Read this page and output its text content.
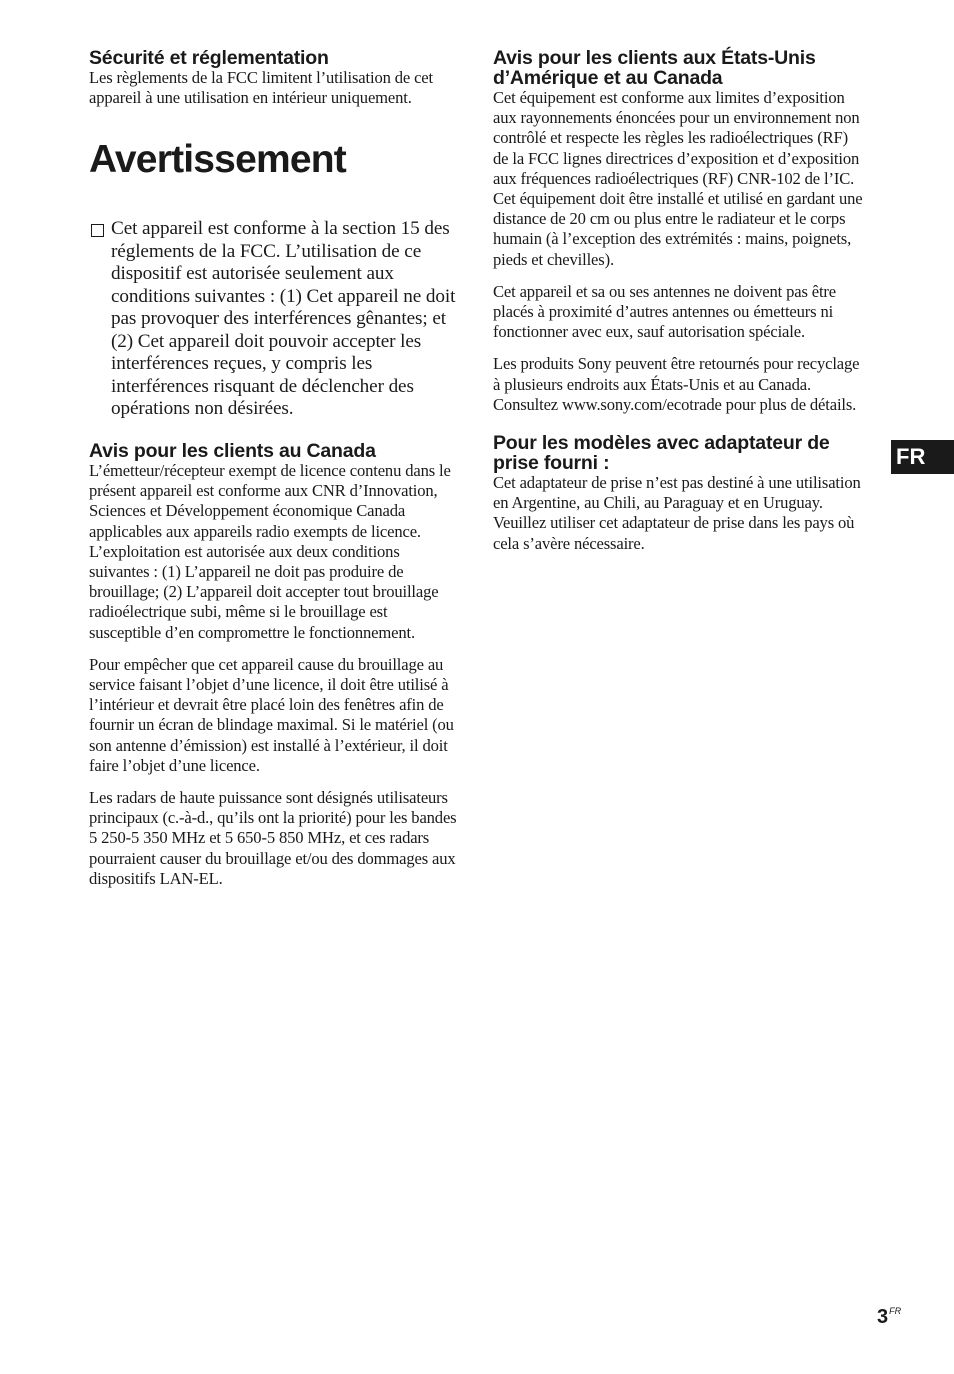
Sécurité et réglementation

Les règlements de la FCC limitent l’utilisation de cet appareil à une utilisation en intérieur uniquement.

Avertissement
Cet appareil est conforme à la section 15 des réglements de la FCC. L’utilisation de ce dispositif est autorisée seulement aux conditions suivantes : (1) Cet appareil ne doit pas provoquer des interférences gênantes; et (2) Cet appareil doit pouvoir accepter les interférences reçues, y compris les interférences risquant de déclencher des opérations non désirées.
Avis pour les clients au Canada

L’émetteur/récepteur exempt de licence contenu dans le présent appareil est conforme aux CNR d’Innovation, Sciences et Développement économique Canada applicables aux appareils radio exempts de licence. L’exploitation est autorisée aux deux conditions suivantes : (1) L’appareil ne doit pas produire de brouillage; (2) L’appareil doit accepter tout brouillage radioélectrique subi, même si le brouillage est susceptible d’en compromettre le fonctionnement.

Pour empêcher que cet appareil cause du brouillage au service faisant l’objet d’une licence, il doit être utilisé à l’intérieur et devrait être placé loin des fenêtres afin de fournir un écran de blindage maximal. Si le matériel (ou son antenne d’émission) est installé à l’extérieur, il doit faire l’objet d’une licence.

Les radars de haute puissance sont désignés utilisateurs principaux (c.-à-d., qu’ils ont la priorité) pour les bandes 5 250-5 350 MHz et 5 650-5 850 MHz, et ces radars pourraient causer du brouillage et/ou des dommages aux dispositifs LAN-EL.

Avis pour les clients aux États-Unis d’Amérique et au Canada

Cet équipement est conforme aux limites d’exposition aux rayonnements énoncées pour un environnement non contrôlé et respecte les règles les radioélectriques (RF) de la FCC lignes directrices d’exposition et d’exposition aux fréquences radioélectriques (RF) CNR-102 de l’IC. Cet équipement doit être installé et utilisé en gardant une distance de 20 cm ou plus entre le radiateur et le corps humain (à l’exception des extrémités : mains, poignets, pieds et chevilles).

Cet appareil et sa ou ses antennes ne doivent pas être placés à proximité d’autres antennes ou émetteurs ni fonctionner avec eux, sauf autorisation spéciale.

Les produits Sony peuvent être retournés pour recyclage à plusieurs endroits aux États-Unis et au Canada. Consultez www.sony.com/ecotrade pour plus de détails.

Pour les modèles avec adaptateur de prise fourni :

Cet adaptateur de prise n’est pas destiné à une utilisation en Argentine, au Chili, au Paraguay et en Uruguay. Veuillez utiliser cet adaptateur de prise dans les pays où cela s’avère nécessaire.

FR
$3^{FR}$
